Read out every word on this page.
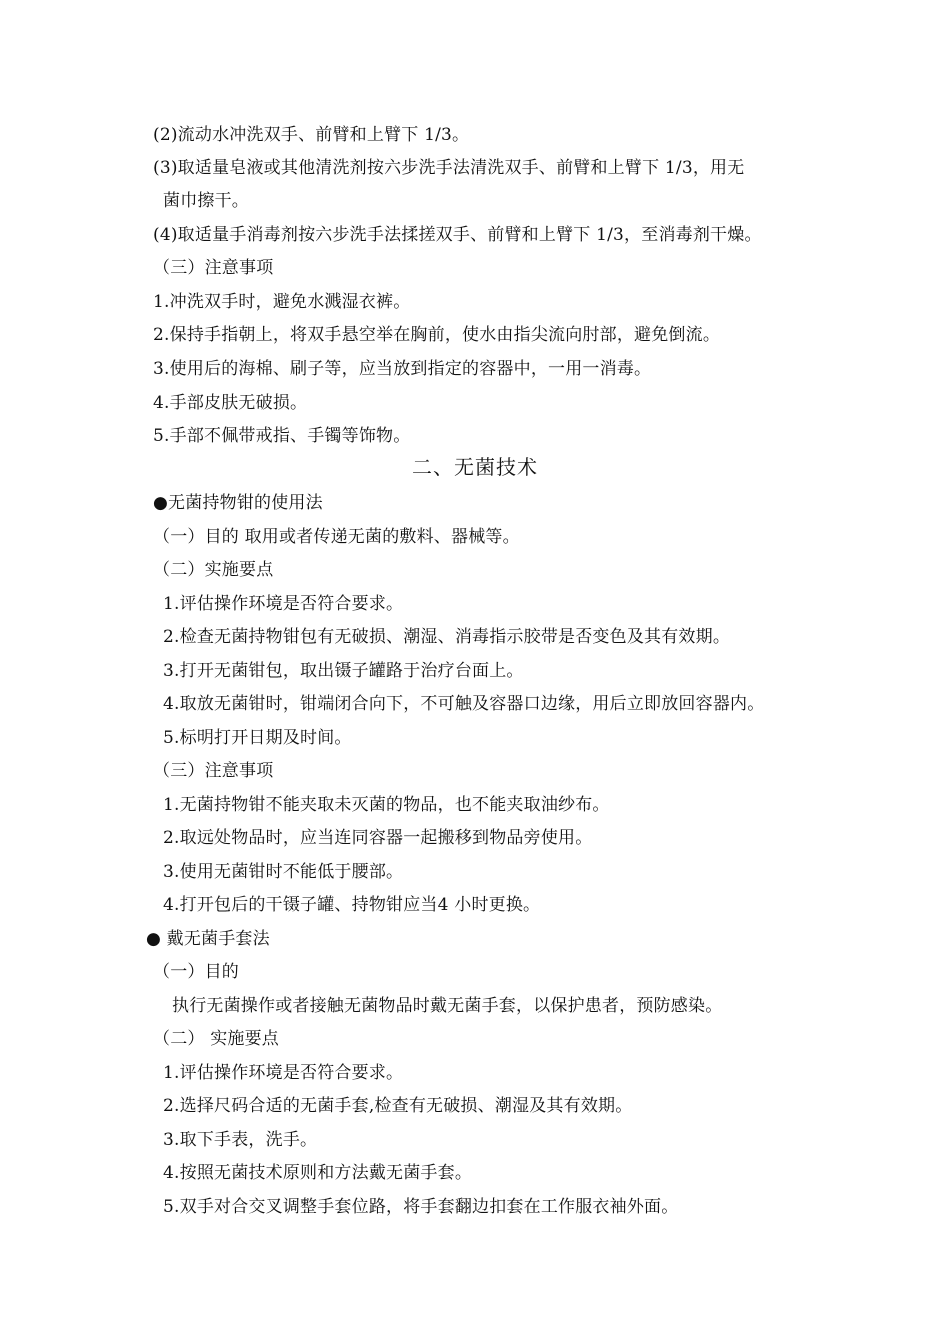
(2)流动水冲洗双手、前臂和上臂下 1/3。
(3)取适量皂液或其他清洗剂按六步洗手法清洗双手、前臂和上臂下 1/3，用无
菌巾擦干。
(4)取适量手消毒剂按六步洗手法揉搓双手、前臂和上臂下 1/3，至消毒剂干燥。
（三）注意事项
1.冲洗双手时，避免水溅湿衣裤。
2.保持手指朝上，将双手悬空举在胸前，使水由指尖流向肘部，避免倒流。
3.使用后的海棉、刷子等，应当放到指定的容器中，一用一消毒。
4.手部皮肤无破损。
5.手部不佩带戒指、手镯等饰物。
二、无菌技术
●无菌持物钳的使用法
（一）目的 取用或者传递无菌的敷料、器械等。
（二）实施要点
1.评估操作环境是否符合要求。
2.检查无菌持物钳包有无破损、潮湿、消毒指示胶带是否变色及其有效期。
3.打开无菌钳包，取出镊子罐路于治疗台面上。
4.取放无菌钳时，钳端闭合向下，不可触及容器口边缘，用后立即放回容器内。
5.标明打开日期及时间。
（三）注意事项
1.无菌持物钳不能夹取未灭菌的物品，也不能夹取油纱布。
2.取远处物品时，应当连同容器一起搬移到物品旁使用。
3.使用无菌钳时不能低于腰部。
4.打开包后的干镊子罐、持物钳应当4 小时更换。
● 戴无菌手套法
（一）目的
执行无菌操作或者接触无菌物品时戴无菌手套，以保护患者，预防感染。
（二） 实施要点
1.评估操作环境是否符合要求。
2.选择尺码合适的无菌手套,检查有无破损、潮湿及其有效期。
3.取下手表，洗手。
4.按照无菌技术原则和方法戴无菌手套。
5.双手对合交叉调整手套位路，将手套翻边扣套在工作服衣袖外面。
